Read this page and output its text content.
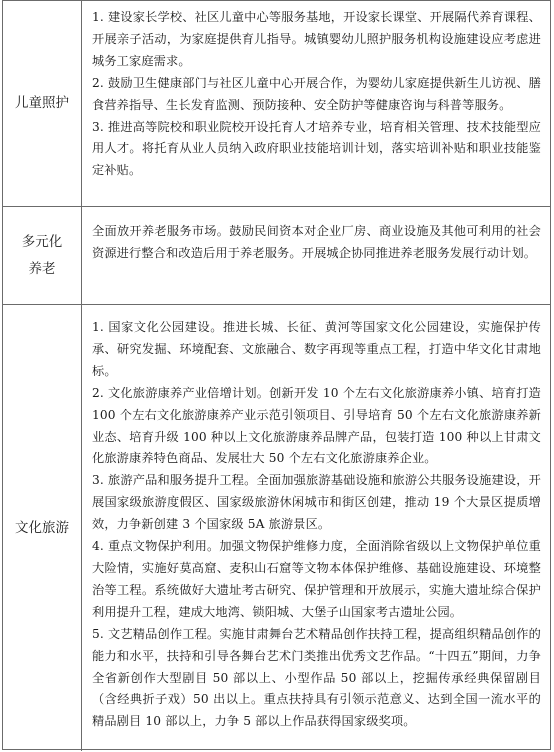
儿童照护

1. 建设家长学校、社区儿童中心等服务基地，开设家长课堂、开展隔代养育课程、开展亲子活动，为家庭提供育儿指导。城镇婴幼儿照护服务机构设施建设应考虑进城务工家庭需求。

2. 鼓励卫生健康部门与社区儿童中心开展合作，为婴幼儿家庭提供新生儿访视、膳食营养指导、生长发育监测、预防接种、安全防护等健康咨询与科普等服务。

3. 推进高等院校和职业院校开设托育人才培养专业，培育相关管理、技术技能型应用人才。将托育从业人员纳入政府职业技能培训计划，落实培训补贴和职业技能鉴定补贴。

多元化养老

全面放开养老服务市场。鼓励民间资本对企业厂房、商业设施及其他可利用的社会资源进行整合和改造后用于养老服务。开展城企协同推进养老服务发展行动计划。

文化旅游

1. 国家文化公园建设。推进长城、长征、黄河等国家文化公园建设，实施保护传承、研究发掘、环境配套、文旅融合、数字再现等重点工程，打造中华文化甘肃地标。

2. 文化旅游康养产业倍增计划。创新开发 10 个左右文化旅游康养小镇、培育打造 100 个左右文化旅游康养产业示范引领项目、引导培育 50 个左右文化旅游康养新业态、培育升级 100 种以上文化旅游康养品牌产品，包装打造 100 种以上甘肃文化旅游康养特色商品、发展壮大 50 个左右文化旅游康养企业。

3. 旅游产品和服务提升工程。全面加强旅游基础设施和旅游公共服务设施建设，开展国家级旅游度假区、国家级旅游休闲城市和街区创建，推动 19 个大景区提质增效，力争新创建 3 个国家级 5A 旅游景区。

4. 重点文物保护利用。加强文物保护维修力度，全面消除省级以上文物保护单位重大险情，实施好莫高窟、麦积山石窟等文物本体保护维修、基础设施建设、环境整治等工程。系统做好大遗址考古研究、保护管理和开放展示，实施大遗址综合保护利用提升工程，建成大地湾、锁阳城、大堡子山国家考古遗址公园。

5. 文艺精品创作工程。实施甘肃舞台艺术精品创作扶持工程，提高组织精品创作的能力和水平，扶持和引导各舞台艺术门类推出优秀文艺作品。“十四五”期间，力争全省新创作大型剧目 50 部以上、小型作品 50 部以上，挖掘传承经典保留剧目（含经典折子戏）50 出以上。重点扶持具有引领示范意义、达到全国一流水平的精品剧目 10 部以上，力争 5 部以上作品获得国家级奖项。
